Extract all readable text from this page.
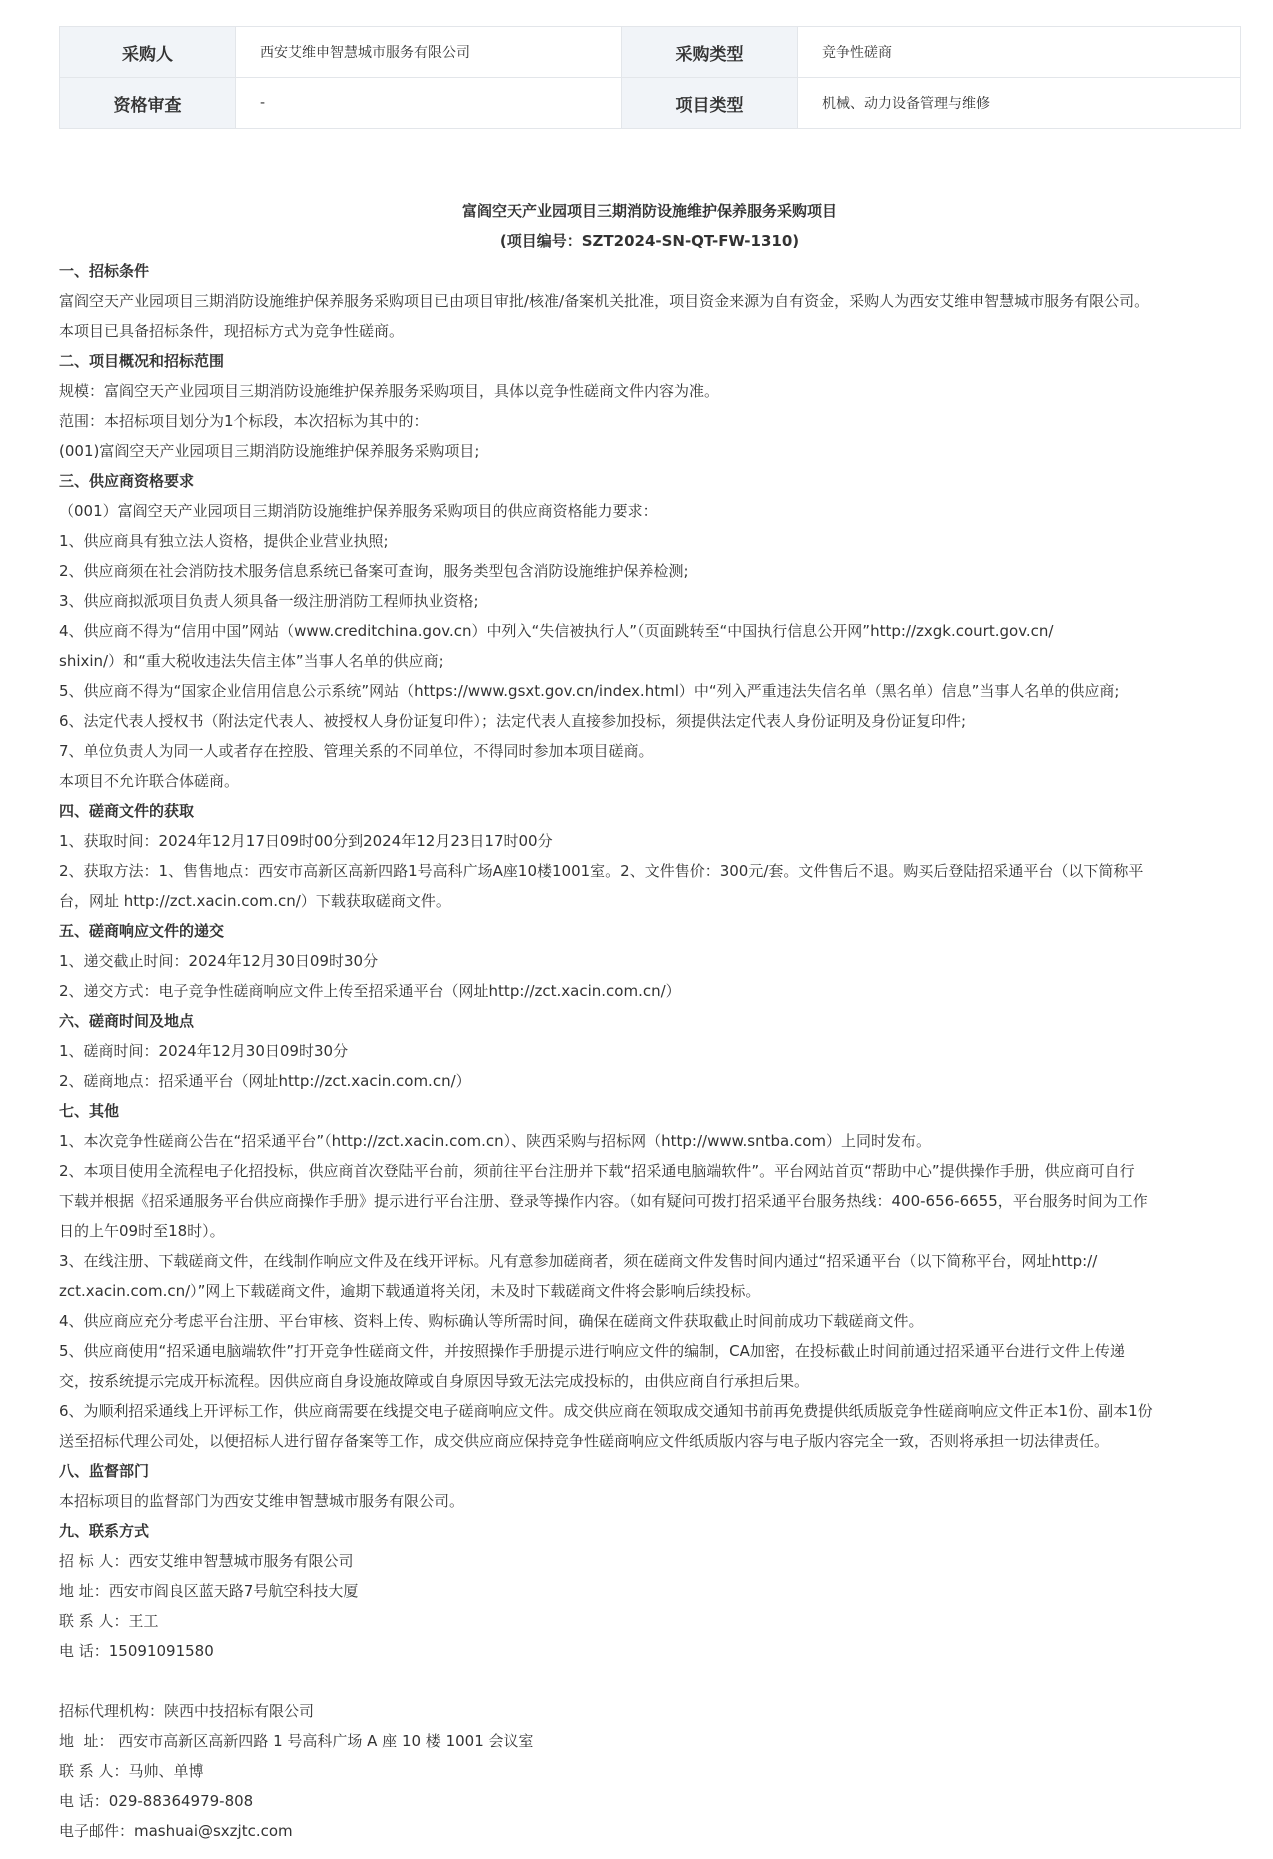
采购人	西安艾维申智慧城市服务有限公司	采购类型	竞争性磋商
资格审查	-	项目类型	机械、动力设备管理与维修

富阎空天产业园项目三期消防设施维护保养服务采购项目

(项目编号：SZT2024-SN-QT-FW-1310)

一、招标条件

富阎空天产业园项目三期消防设施维护保养服务采购项目已由项目审批/核准/备案机关批准，项目资金来源为自有资金，采购人为西安艾维申智慧城市服务有限公司。

本项目已具备招标条件，现招标方式为竞争性磋商。

二、项目概况和招标范围

规模：富阎空天产业园项目三期消防设施维护保养服务采购项目，具体以竞争性磋商文件内容为准。

范围：本招标项目划分为1个标段，本次招标为其中的：

(001)富阎空天产业园项目三期消防设施维护保养服务采购项目;

三、供应商资格要求

（001）富阎空天产业园项目三期消防设施维护保养服务采购项目的供应商资格能力要求：

1、供应商具有独立法人资格，提供企业营业执照;

2、供应商须在社会消防技术服务信息系统已备案可查询，服务类型包含消防设施维护保养检测;

3、供应商拟派项目负责人须具备一级注册消防工程师执业资格;

4、供应商不得为“信用中国”网站（www.creditchina.gov.cn）中列入“失信被执行人”（页面跳转至“中国执行信息公开网”http://zxgk.court.gov.cn/

shixin/）和“重大税收违法失信主体”当事人名单的供应商;

5、供应商不得为“国家企业信用信息公示系统”网站（https://www.gsxt.gov.cn/index.html）中“列入严重违法失信名单（黑名单）信息”当事人名单的供应商;

6、法定代表人授权书（附法定代表人、被授权人身份证复印件）；法定代表人直接参加投标，须提供法定代表人身份证明及身份证复印件;

7、单位负责人为同一人或者存在控股、管理关系的不同单位，不得同时参加本项目磋商。

本项目不允许联合体磋商。

四、磋商文件的获取

1、获取时间：2024年12月17日09时00分到2024年12月23日17时00分

2、获取方法：1、售售地点：西安市高新区高新四路1号高科广场A座10楼1001室。2、文件售价：300元/套。文件售后不退。购买后登陆招采通平台（以下简称平

台，网址 http://zct.xacin.com.cn/）下载获取磋商文件。

五、磋商响应文件的递交

1、递交截止时间：2024年12月30日09时30分

2、递交方式：电子竞争性磋商响应文件上传至招采通平台（网址http://zct.xacin.com.cn/）

六、磋商时间及地点

1、磋商时间：2024年12月30日09时30分

2、磋商地点：招采通平台（网址http://zct.xacin.com.cn/）

七、其他

1、本次竞争性磋商公告在“招采通平台”（http://zct.xacin.com.cn）、陕西采购与招标网（http://www.sntba.com）上同时发布。

2、本项目使用全流程电子化招投标，供应商首次登陆平台前，须前往平台注册并下载“招采通电脑端软件”。平台网站首页“帮助中心”提供操作手册，供应商可自行

下载并根据《招采通服务平台供应商操作手册》提示进行平台注册、登录等操作内容。（如有疑问可拨打招采通平台服务热线：400-656-6655，平台服务时间为工作

日的上午09时至18时）。

3、在线注册、下载磋商文件，在线制作响应文件及在线开评标。凡有意参加磋商者，须在磋商文件发售时间内通过“招采通平台（以下简称平台，网址http://

zct.xacin.com.cn/）”网上下载磋商文件，逾期下载通道将关闭，未及时下载磋商文件将会影响后续投标。

4、供应商应充分考虑平台注册、平台审核、资料上传、购标确认等所需时间，确保在磋商文件获取截止时间前成功下载磋商文件。

5、供应商使用“招采通电脑端软件”打开竞争性磋商文件，并按照操作手册提示进行响应文件的编制，CA加密，在投标截止时间前通过招采通平台进行文件上传递

交，按系统提示完成开标流程。因供应商自身设施故障或自身原因导致无法完成投标的，由供应商自行承担后果。

6、为顺利招采通线上开评标工作，供应商需要在线提交电子磋商响应文件。成交供应商在领取成交通知书前再免费提供纸质版竞争性磋商响应文件正本1份、副本1份

送至招标代理公司处，以便招标人进行留存备案等工作，成交供应商应保持竞争性磋商响应文件纸质版内容与电子版内容完全一致，否则将承担一切法律责任。

八、监督部门

本招标项目的监督部门为西安艾维申智慧城市服务有限公司。

九、联系方式

招 标 人：西安艾维申智慧城市服务有限公司

地 址：西安市阎良区蓝天路7号航空科技大厦

联 系 人：王工

电 话：15091091580

招标代理机构：陕西中技招标有限公司

地  址： 西安市高新区高新四路 1 号高科广场 A 座 10 楼 1001 会议室

联 系 人：马帅、单博

电 话：029-88364979-808

电子邮件：mashuai@sxzjtc.com
